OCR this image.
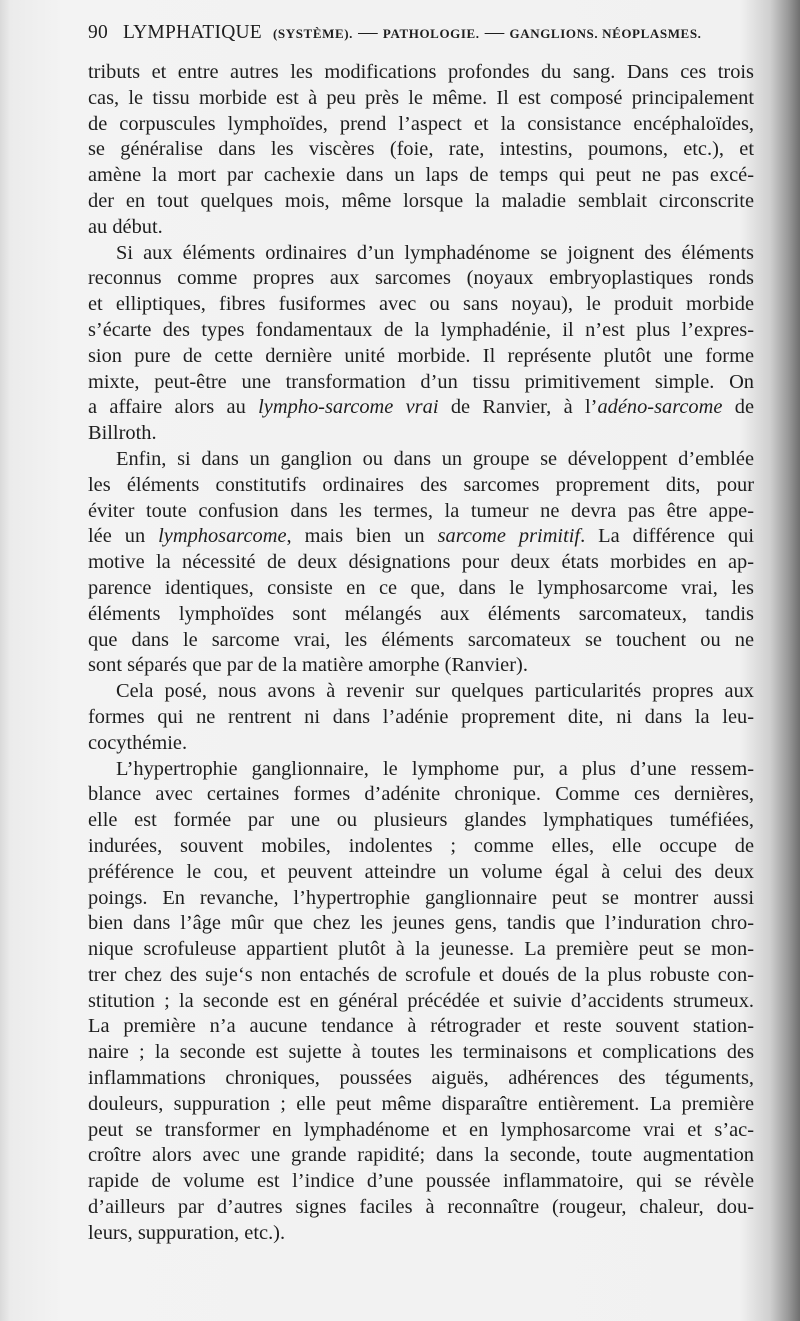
90 LYMPHATIQUE (SYSTÈME). — PATHOLOGIE. — GANGLIONS. NÉOPLASMES.

tributs et entre autres les modifications profondes du sang. Dans ces trois
cas, le tissu morbide est à peu près le même. Il est composé principalement
de corpuscules lymphoïdes, prend l’aspect et la consistance encéphaloïdes,
se généralise dans les viscères (foie, rate, intestins, poumons, etc.), et
amène la mort par cachexie dans un laps de temps qui peut ne pas excé-
der en tout quelques mois, même lorsque la maladie semblait circonscrite
au début.

Si aux éléments ordinaires d’un lymphadénome se joignent des éléments
reconnus comme propres aux sarcomes (noyaux embryoplastiques ronds
et elliptiques, fibres fusiformes avec ou sans noyau), le produit morbide
s’écarte des types fondamentaux de la lymphadénie, il n’est plus l’expres-
sion pure de cette dernière unité morbide. Il représente plutôt une forme
mixte, peut-être une transformation d’un tissu primitivement simple. On
a affaire alors au lympho-sarcome vrai de Ranvier, à l’adéno-sarcome de
Billroth.

Enfin, si dans un ganglion ou dans un groupe se développent d’emblée
les éléments constitutifs ordinaires des sarcomes proprement dits, pour
éviter toute confusion dans les termes, la tumeur ne devra pas être appe-
lée un lymphosarcome, mais bien un sarcome primitif. La différence qui
motive la nécessité de deux désignations pour deux états morbides en ap-
parence identiques, consiste en ce que, dans le lymphosarcome vrai, les
éléments lymphoïdes sont mélangés aux éléments sarcomateux, tandis
que dans le sarcome vrai, les éléments sarcomateux se touchent ou ne
sont séparés que par de la matière amorphe (Ranvier).

Cela posé, nous avons à revenir sur quelques particularités propres aux
formes qui ne rentrent ni dans l’adénie proprement dite, ni dans la leu-
cocythémie.

L’hypertrophie ganglionnaire, le lymphome pur, a plus d’une ressem-
blance avec certaines formes d’adénite chronique. Comme ces dernières,
elle est formée par une ou plusieurs glandes lymphatiques tuméfiées,
indurées, souvent mobiles, indolentes ; comme elles, elle occupe de
préférence le cou, et peuvent atteindre un volume égal à celui des deux
poings. En revanche, l’hypertrophie ganglionnaire peut se montrer aussi
bien dans l’âge mûr que chez les jeunes gens, tandis que l’induration chro-
nique scrofuleuse appartient plutôt à la jeunesse. La première peut se mon-
trer chez des suje‘s non entachés de scrofule et doués de la plus robuste con-
stitution ; la seconde est en général précédée et suivie d’accidents strumeux.
La première n’a aucune tendance à rétrograder et reste souvent station-
naire ; la seconde est sujette à toutes les terminaisons et complications des
inflammations chroniques, poussées aiguës, adhérences des téguments,
douleurs, suppuration ; elle peut même disparaître entièrement. La première
peut se transformer en lymphadénome et en lymphosarcome vrai et s’ac-
croître alors avec une grande rapidité; dans la seconde, toute augmentation
rapide de volume est l’indice d’une poussée inflammatoire, qui se révèle
d’ailleurs par d’autres signes faciles à reconnaître (rougeur, chaleur, dou-
leurs, suppuration, etc.).
